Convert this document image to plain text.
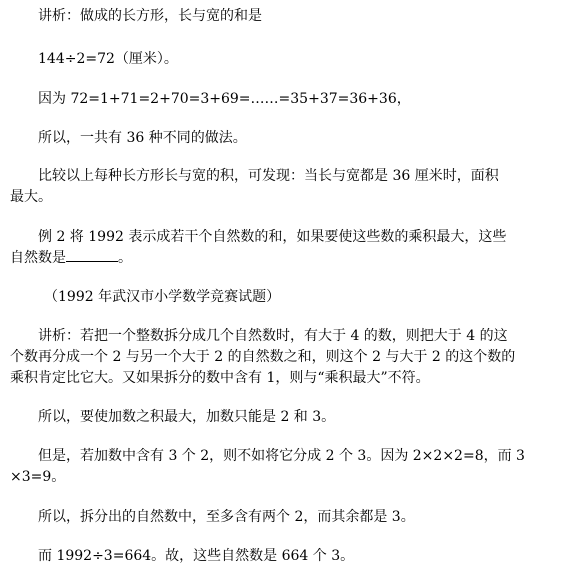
讲析：做成的长方形，长与宽的和是
144÷2=72（厘米）。
因为 72=1+71=2+70=3+69=……=35+37=36+36，
所以，一共有 36 种不同的做法。
比较以上每种长方形长与宽的积，可发现：当长与宽都是 36 厘米时，面积
最大。
例 2 将 1992 表示成若干个自然数的和，如果要使这些数的乘积最大，这些
自然数是	。
（1992 年武汉市小学数学竞赛试题）
讲析：若把一个整数拆分成几个自然数时，有大于 4 的数，则把大于 4 的这
个数再分成一个 2 与另一个大于 2 的自然数之和，则这个 2 与大于 2 的这个数的
乘积肯定比它大。又如果拆分的数中含有 1，则与“乘积最大”不符。
所以，要使加数之积最大，加数只能是 2 和 3。
但是，若加数中含有 3 个 2，则不如将它分成 2 个 3。因为 2×2×2=8，而 3
×3=9。
所以，拆分出的自然数中，至多含有两个 2，而其余都是 3。
而 1992÷3=664。故，这些自然数是 664 个 3。
